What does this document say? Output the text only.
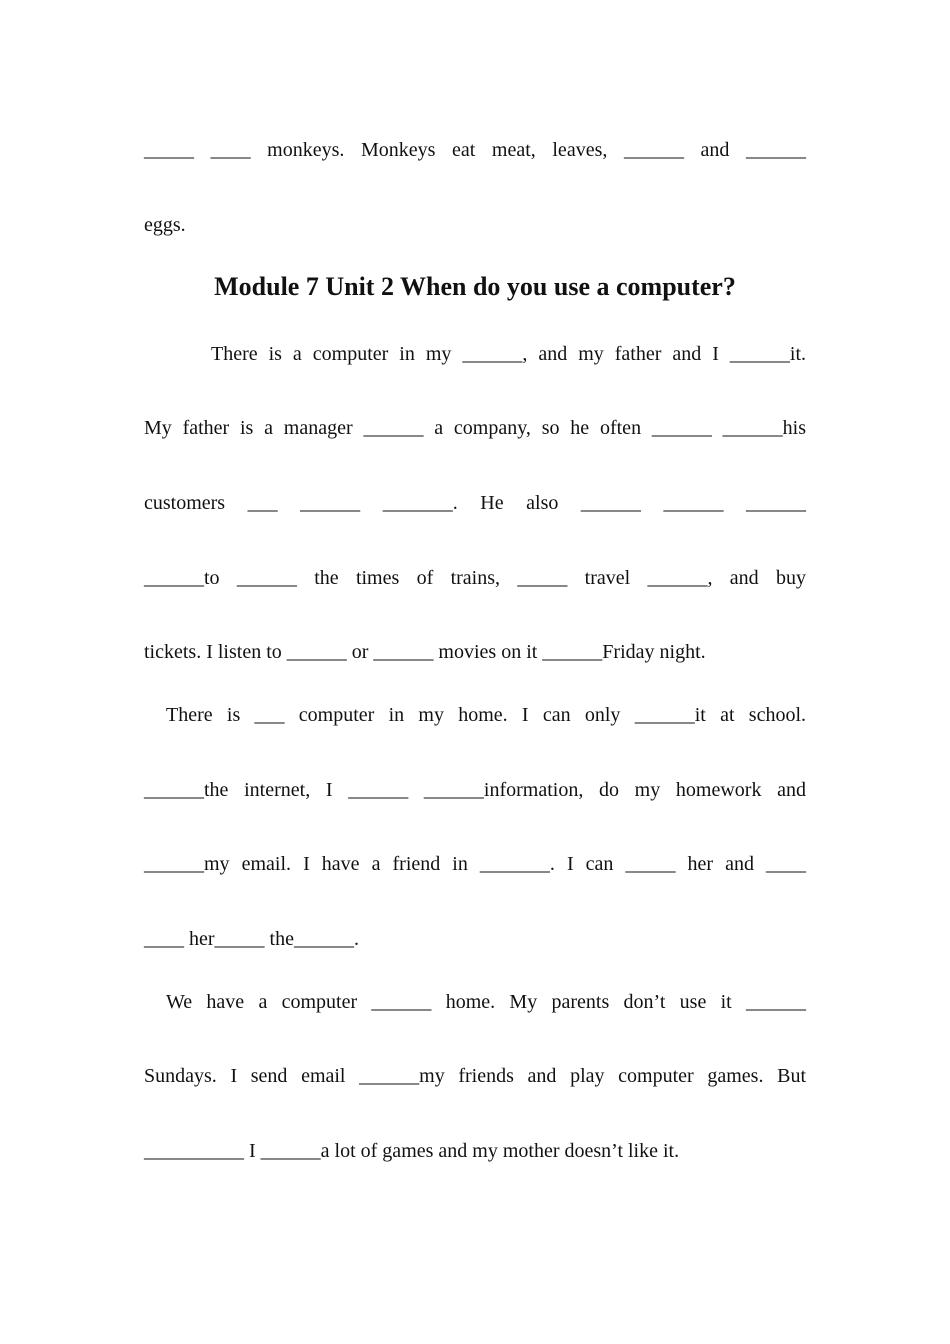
_____ ____ monkeys. Monkeys eat meat, leaves, ______ and ______
eggs.
Module 7 Unit 2 When do you use a computer?
There is a computer in my ______, and my father and I ______it.
My father is a manager ______ a company, so he often ______ ______his
customers ___ ______ _______. He also ______ ______ ______
______to ______ the times of trains, _____ travel ______, and buy
tickets. I listen to ______ or ______ movies on it ______Friday night.
There is ___ computer in my home. I can only ______it at school.
______the internet, I ______ ______information, do my homework and
______my email. I have a friend in _______. I can _____ her and ____
____ her_____ the______.
We have a computer ______ home. My parents don’t use it ______
Sundays. I send email ______my friends and play computer games. But
__________ I ______a lot of games and my mother doesn’t like it.
